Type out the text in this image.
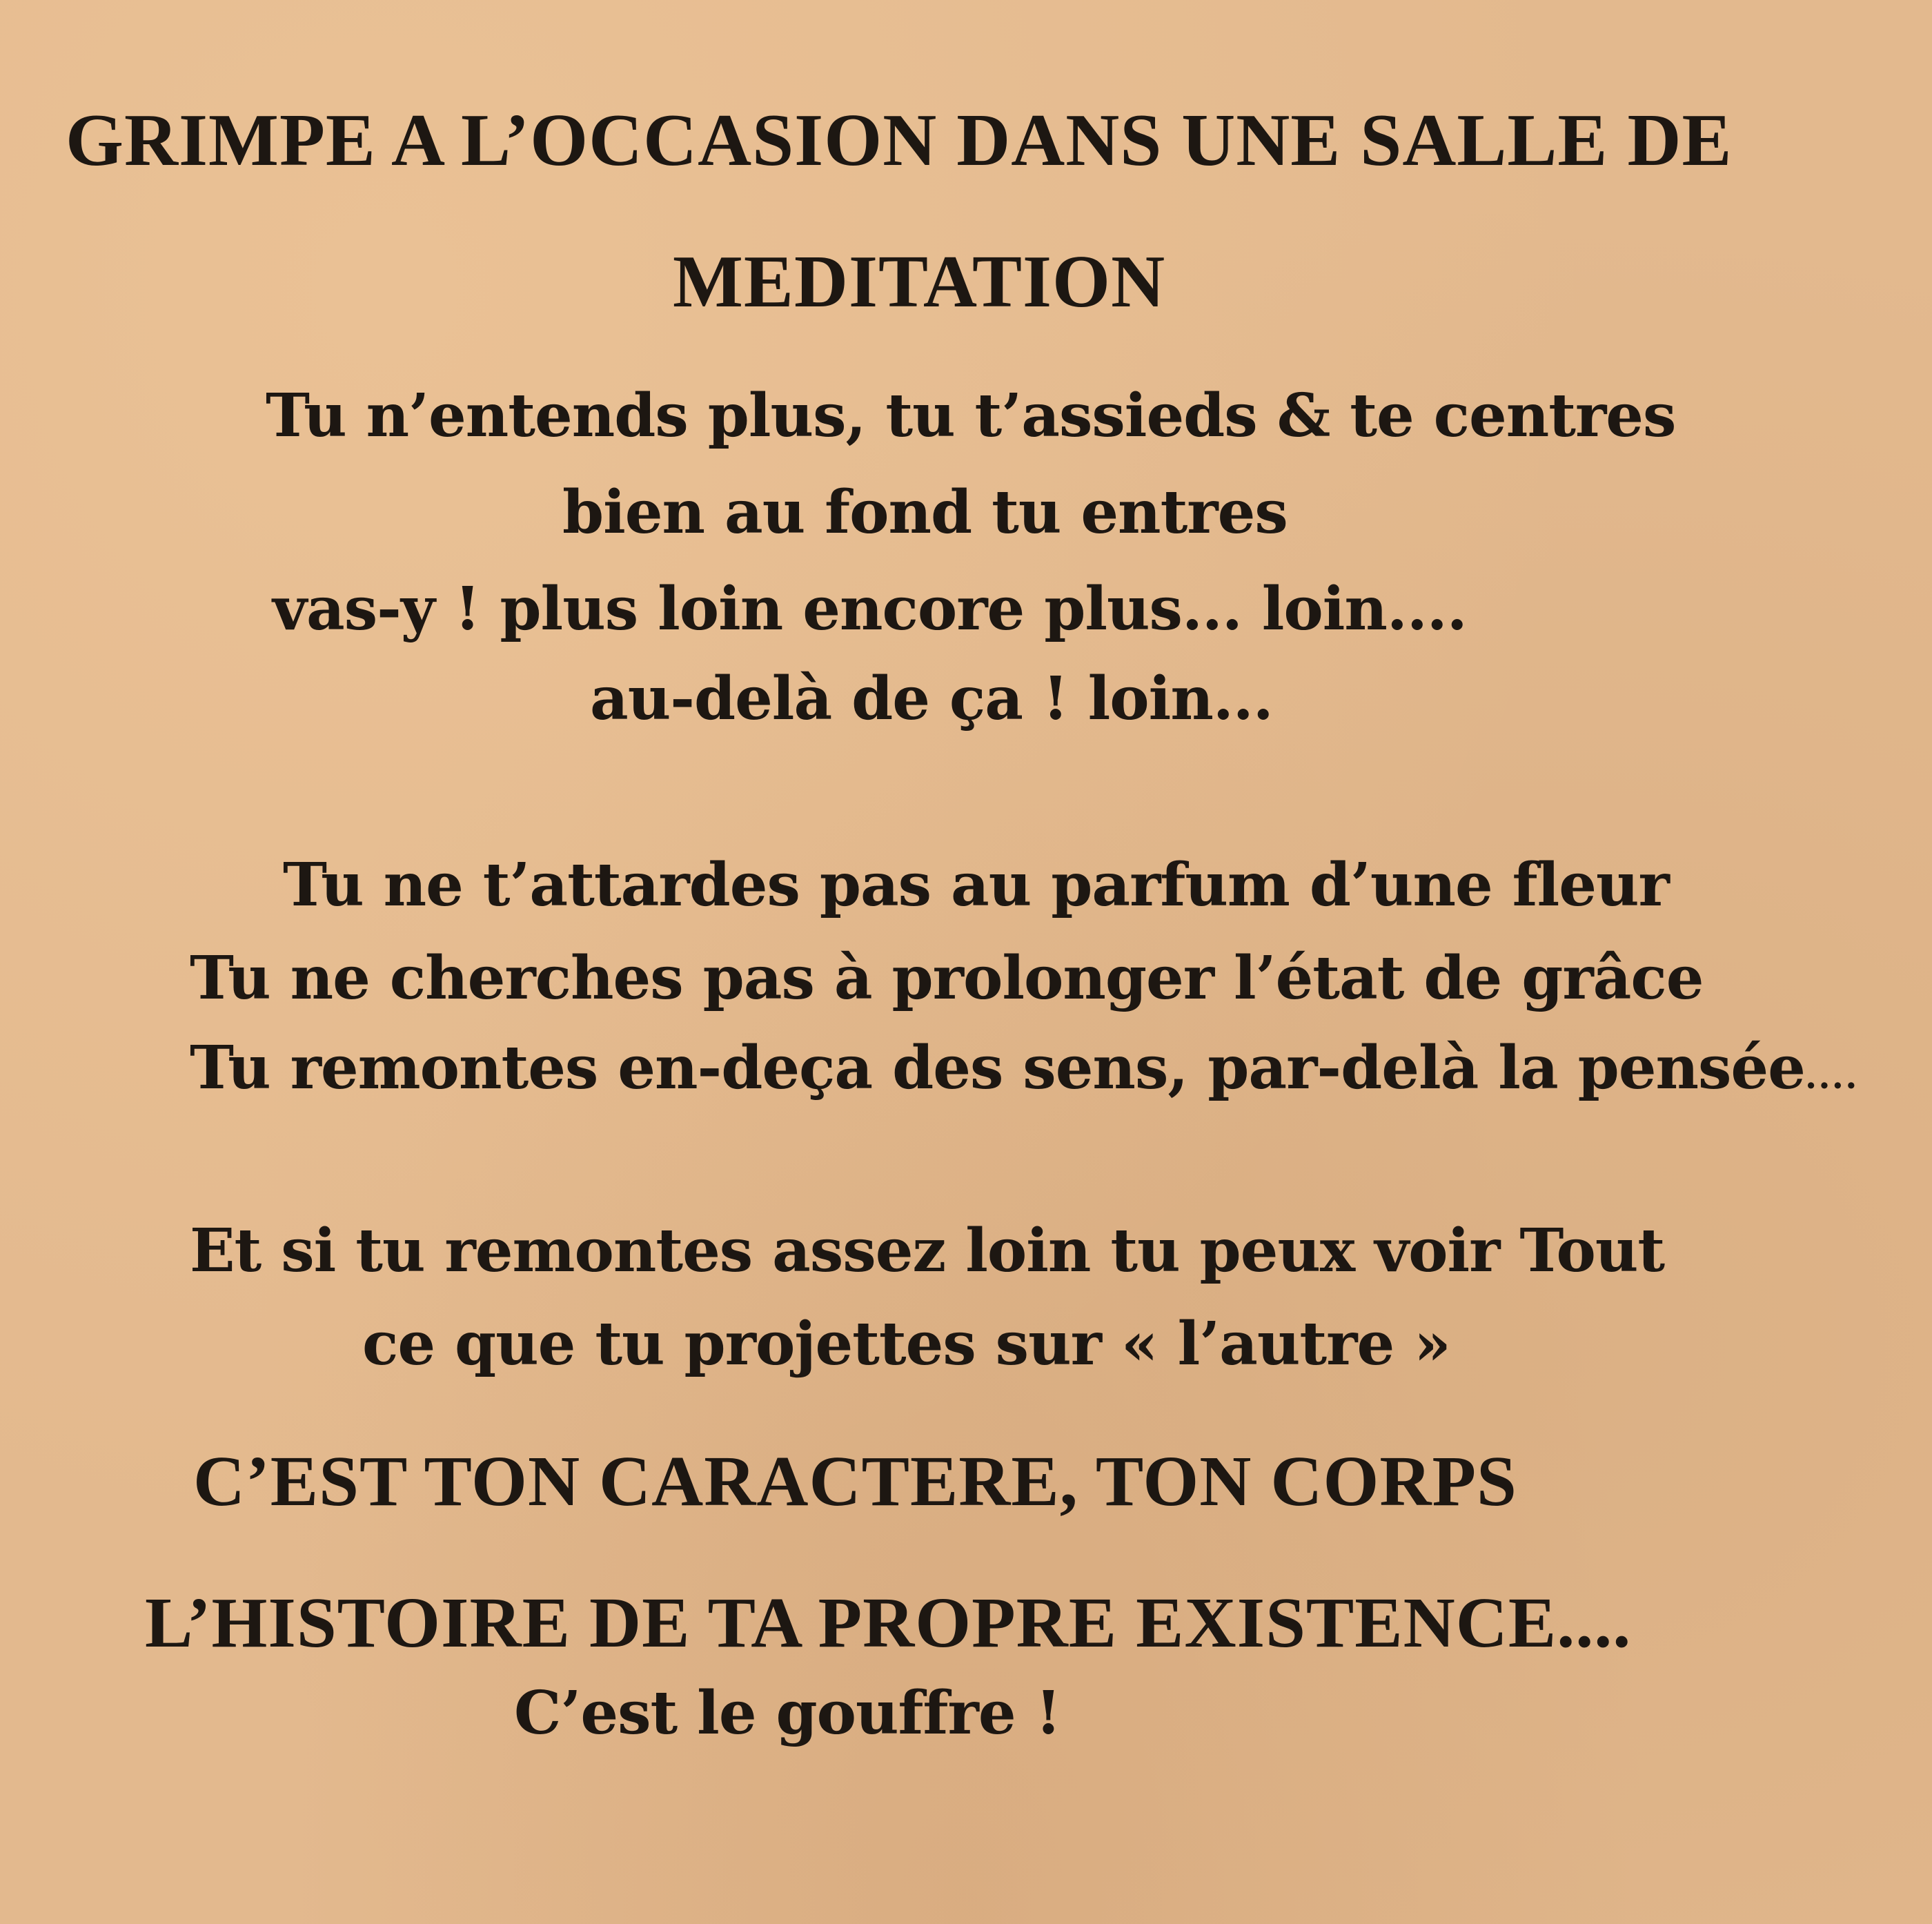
GRIMPE A L’OCCASION DANS UNE SALLE DE
MEDITATION
Tu n’entends plus, tu t’assieds & te centres
bien au fond tu entres
vas-y ! plus loin encore plus... loin....
au-delà de ça ! loin...
Tu ne t’attardes pas au parfum d’une fleur
Tu ne cherches pas à prolonger l’état de grâce
Tu remontes en-deça des sens, par-delà la pensée....
Et si tu remontes assez loin tu peux voir Tout
ce que tu projettes sur « l’autre »
C’EST TON CARACTERE, TON CORPS
L’HISTOIRE DE TA PROPRE EXISTENCE....
C’est le gouffre !
